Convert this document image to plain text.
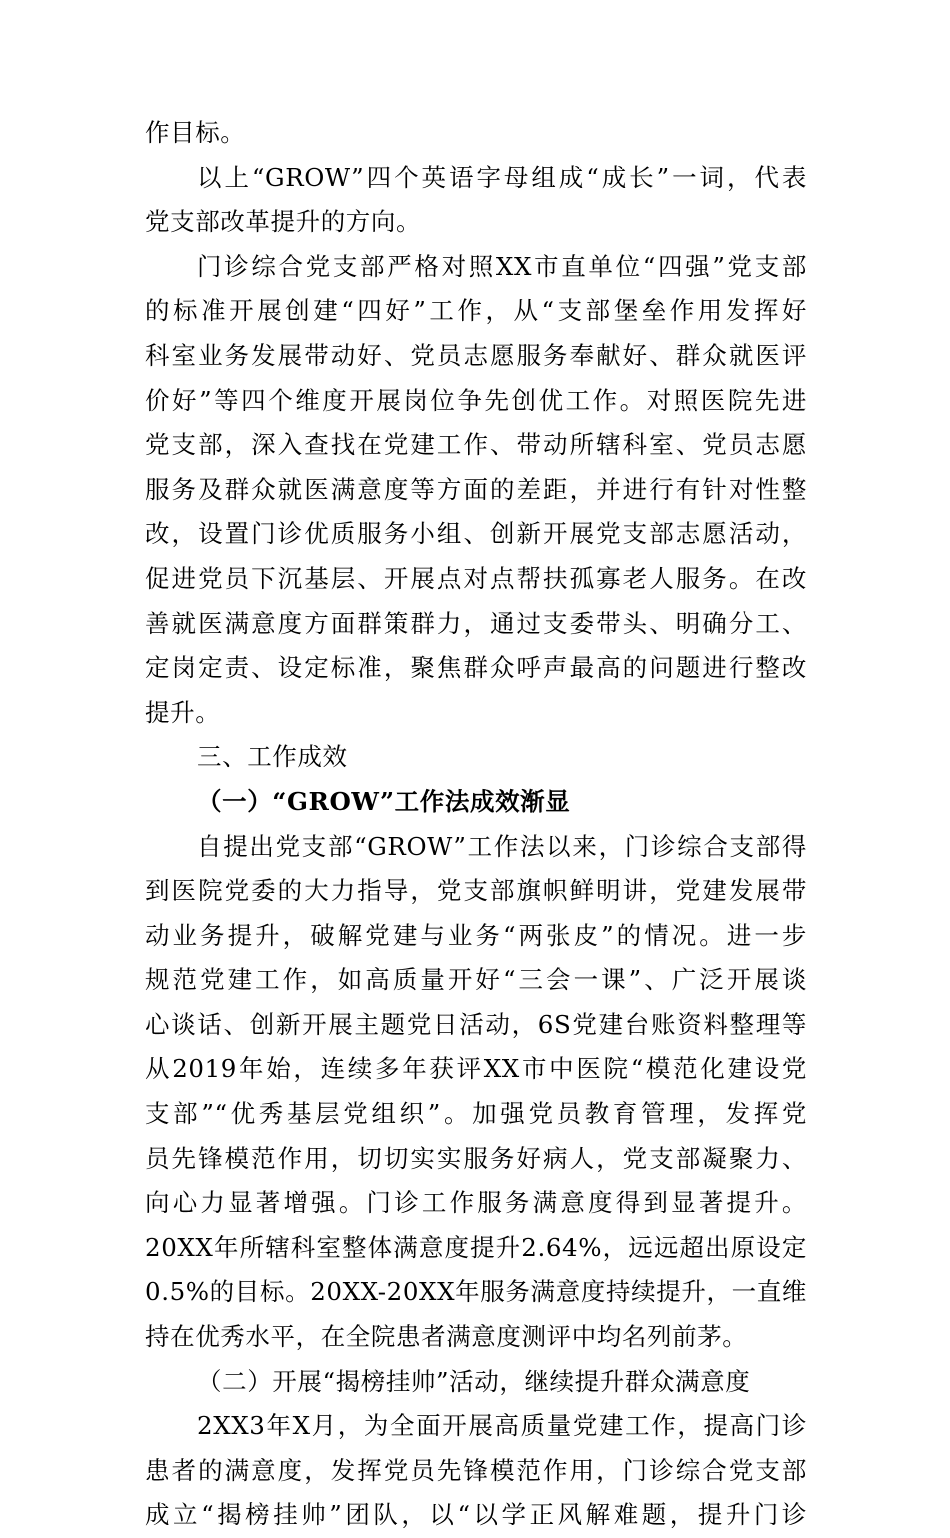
作目标。
以上“GROW”四个英语字母组成“成长”一词，代表
党支部改革提升的方向。
门诊综合党支部严格对照XX市直单位“四强”党支部
的标准开展创建“四好”工作，从“支部堡垒作用发挥好
科室业务发展带动好、党员志愿服务奉献好、群众就医评
价好”等四个维度开展岗位争先创优工作。对照医院先进
党支部，深入查找在党建工作、带动所辖科室、党员志愿
服务及群众就医满意度等方面的差距，并进行有针对性整
改，设置门诊优质服务小组、创新开展党支部志愿活动，
促进党员下沉基层、开展点对点帮扶孤寡老人服务。在改
善就医满意度方面群策群力，通过支委带头、明确分工、
定岗定责、设定标准，聚焦群众呼声最高的问题进行整改
提升。
三、工作成效
（一）“GROW”工作法成效渐显
自提出党支部“GROW”工作法以来，门诊综合支部得
到医院党委的大力指导，党支部旗帜鲜明讲，党建发展带
动业务提升，破解党建与业务“两张皮”的情况。进一步
规范党建工作，如高质量开好“三会一课”、广泛开展谈
心谈话、创新开展主题党日活动，6S党建台账资料整理等
从2019年始，连续多年获评XX市中医院“模范化建设党
支部”“优秀基层党组织”。加强党员教育管理，发挥党
员先锋模范作用，切切实实服务好病人，党支部凝聚力、
向心力显著增强。门诊工作服务满意度得到显著提升。
20XX年所辖科室整体满意度提升2.64%，远远超出原设定
0.5%的目标。20XX-20XX年服务满意度持续提升，一直维
持在优秀水平，在全院患者满意度测评中均名列前茅。
（二）开展“揭榜挂帅”活动，继续提升群众满意度
2XX3年X月，为全面开展高质量党建工作，提高门诊
患者的满意度，发挥党员先锋模范作用，门诊综合党支部
成立“揭榜挂帅”团队，以“以学正风解难题，提升门诊
